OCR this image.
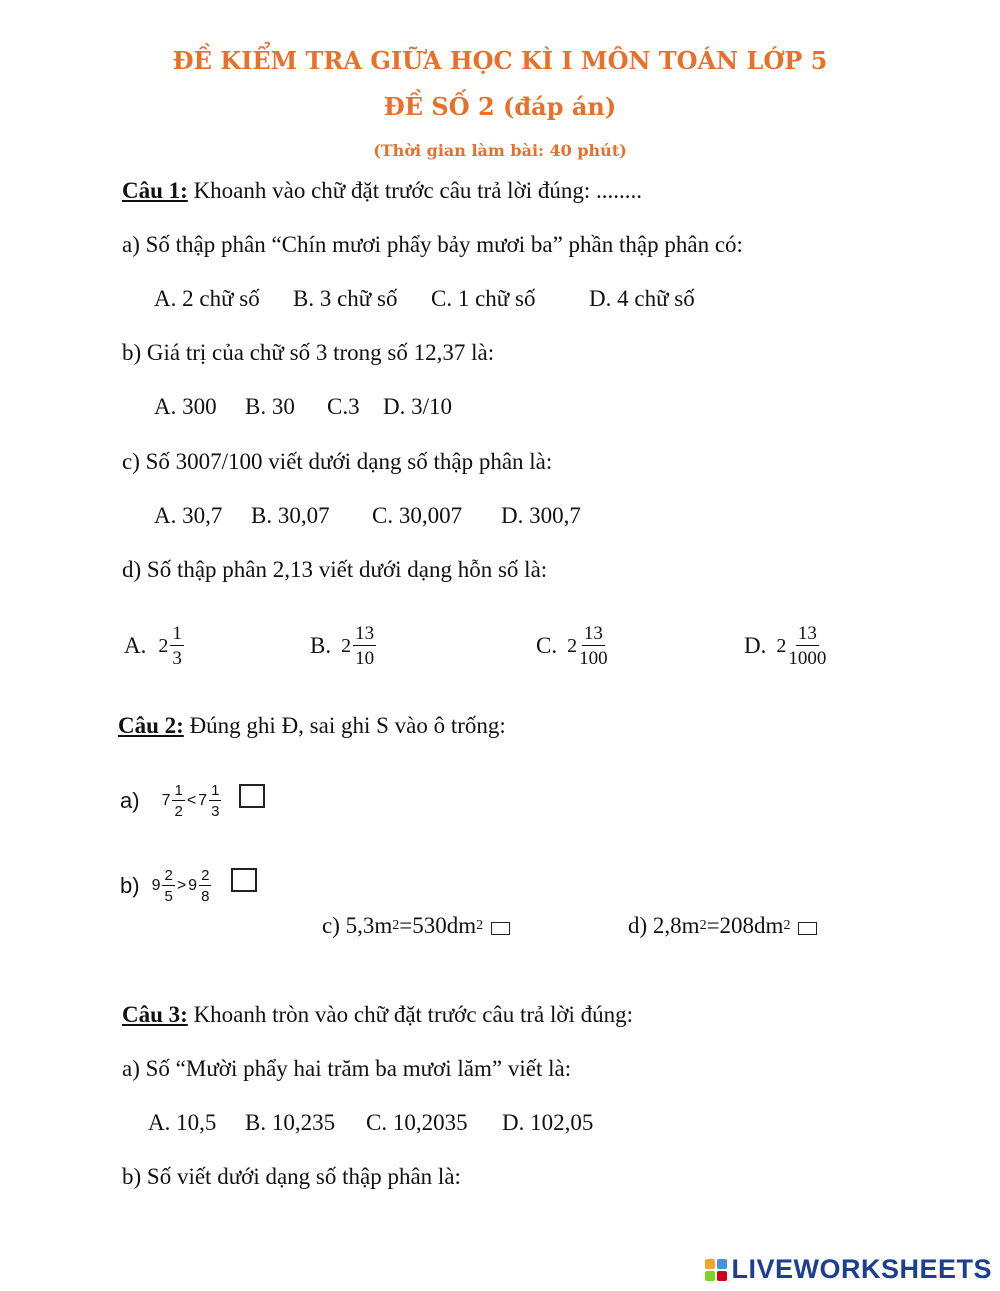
ĐỀ KIỂM TRA GIỮA HỌC KÌ I MÔN TOÁN LỚP 5
ĐỀ SỐ 2 (đáp án)
(Thời gian làm bài: 40 phút)
Câu 1: Khoanh vào chữ đặt trước câu trả lời đúng: ........
a) Số thập phân “Chín mươi phẩy bảy mươi ba” phần thập phân có:
A. 2 chữ số B. 3 chữ số C. 1 chữ số D. 4 chữ số
b) Giá trị của chữ số 3 trong số 12,37 là:
A. 300 B. 30 C.3 D. 3/10
c) Số 3007/100 viết dưới dạng số thập phân là:
A. 30,7 B. 30,07 C. 30,007 D. 300,7
d) Số thập phân 2,13 viết dưới dạng hỗn số là:
A. $2 \frac{1}{3}$	B. $2 \frac{13}{10}$	C. $2 \frac{13}{100}$	D. $2 \frac{13}{1000}$
Câu 2: Đúng ghi Đ, sai ghi S vào ô trống:
a) $7 \frac{1}{2} < 7 \frac{1}{3}$
b) $9 \frac{2}{5} > 9 \frac{2}{8}$
c) 5,3m 2 =530dm 2	d) 2,8m 2 =208dm 2
Câu 3: Khoanh tròn vào chữ đặt trước câu trả lời đúng:
a) Số “Mười phẩy hai trăm ba mươi lăm” viết là:
A. 10,5 B. 10,235 C. 10,2035 D. 102,05
b) Số viết dưới dạng số thập phân là:
LIVEWORKSHEETS
